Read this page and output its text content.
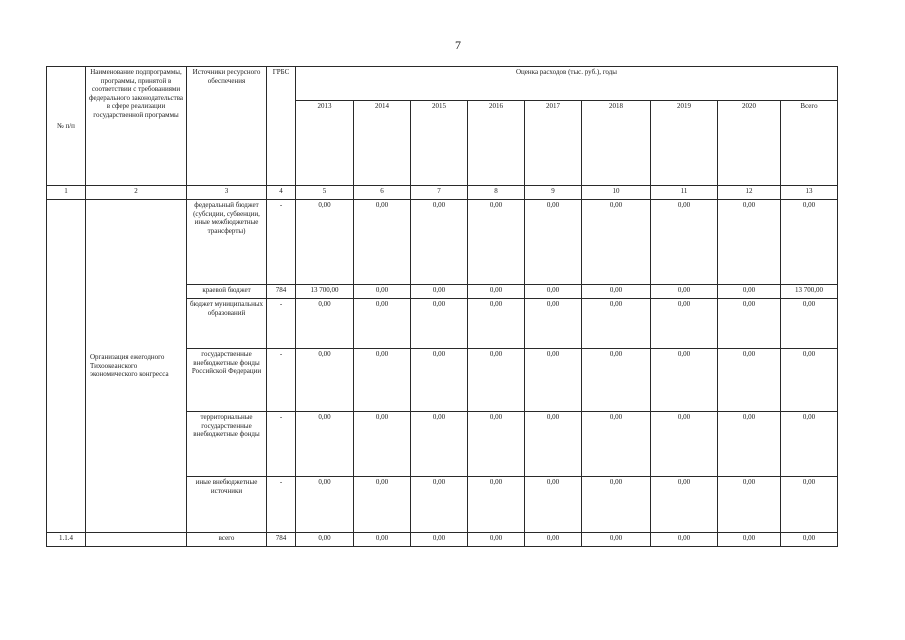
7
№ п/п	Наименование подпрограммы, программы, принятой в соответствии с требованиями федерального законодательства в сфере реализации государственной программы	Источники ресурсного обеспечения	ГРБС	Оценка расходов (тыс. руб.), годы								
				2013	2014	2015	2016	2017	2018	2019	2020	Всего
1	2	3	4	5	6	7	8	9	10	11	12	13
	Организация ежегодного Тихоокеанского экономического конгресса	федеральный бюджет (субсидии, субвенции, иные межбюджетные трансферты)	-	0,00	0,00	0,00	0,00	0,00	0,00	0,00	0,00	0,00
		краевой бюджет	784	13 700,00	0,00	0,00	0,00	0,00	0,00	0,00	0,00	13 700,00
		бюджет муниципальных образований	-	0,00	0,00	0,00	0,00	0,00	0,00	0,00	0,00	0,00
		государственные внебюджетные фонды Российской Федерации	-	0,00	0,00	0,00	0,00	0,00	0,00	0,00	0,00	0,00
		территориальные государственные внебюджетные фонды	-	0,00	0,00	0,00	0,00	0,00	0,00	0,00	0,00	0,00
		иные внебюджетные источники	-	0,00	0,00	0,00	0,00	0,00	0,00	0,00	0,00	0,00
1.1.4		всего	784	0,00	0,00	0,00	0,00	0,00	0,00	0,00	0,00	0,00
